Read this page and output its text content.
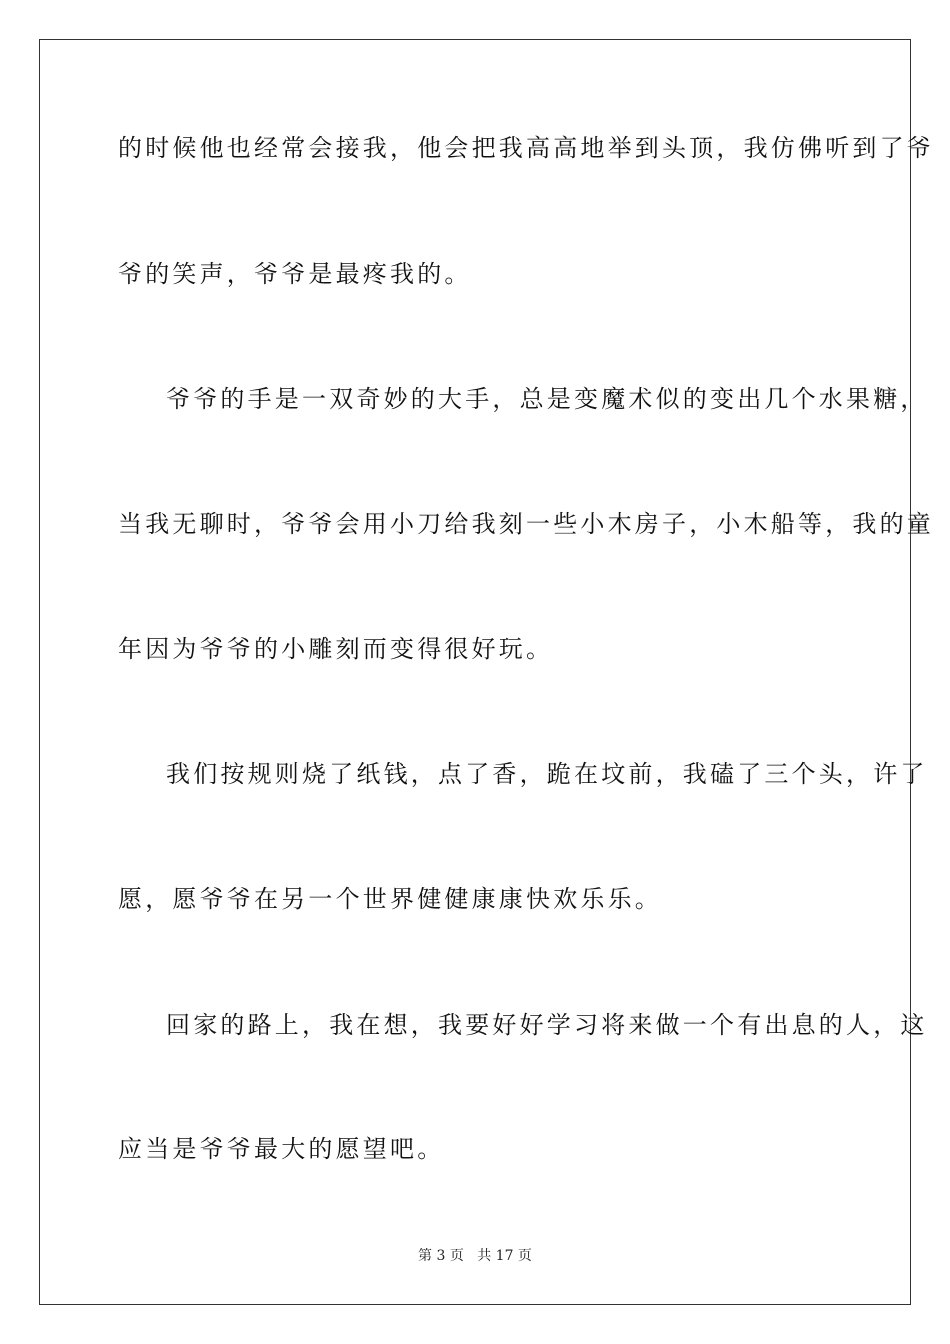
的时候他也经常会接我，他会把我高高地举到头顶，我仿佛听到了爷
爷的笑声，爷爷是最疼我的。
爷爷的手是一双奇妙的大手，总是变魔术似的变出几个水果糖，
当我无聊时，爷爷会用小刀给我刻一些小木房子，小木船等，我的童
年因为爷爷的小雕刻而变得很好玩。
我们按规则烧了纸钱，点了香，跪在坟前，我磕了三个头，许了
愿，愿爷爷在另一个世界健健康康快欢乐乐。
回家的路上，我在想，我要好好学习将来做一个有出息的人，这
应当是爷爷最大的愿望吧。
第 3 页 共 17 页
